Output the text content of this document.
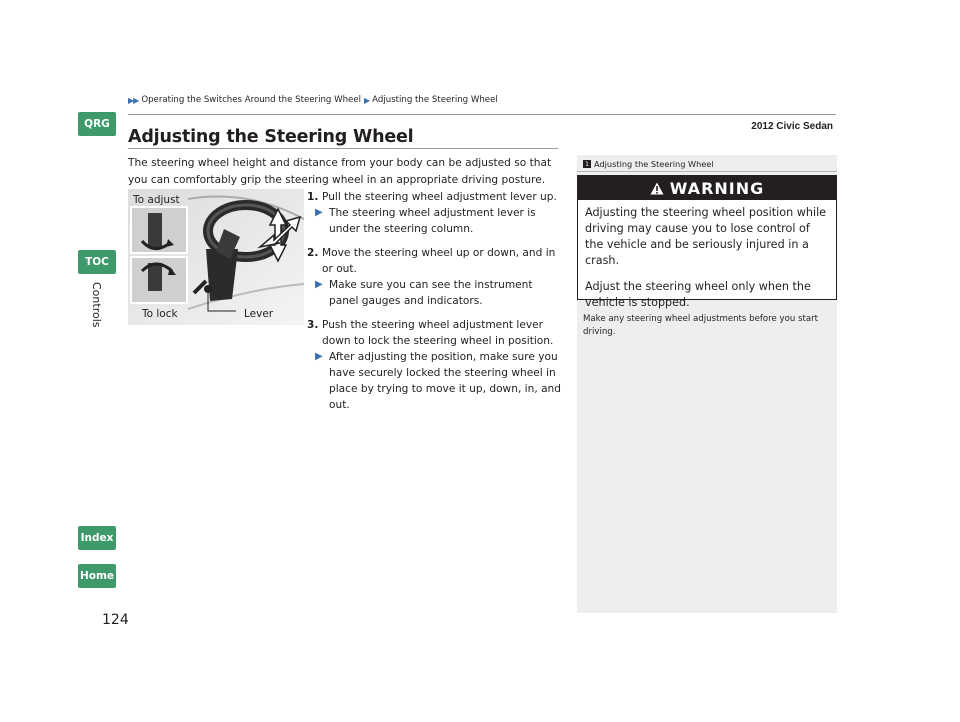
QRG
TOC
Controls
Index
Home
124
▶▶ Operating the Switches Around the Steering Wheel ▶ Adjusting the Steering Wheel
2012 Civic Sedan
Adjusting the Steering Wheel

The steering wheel height and distance from your body can be adjusted so that you can comfortably grip the steering wheel in an appropriate driving posture.

To adjust
To lock	Lever
1. Pull the steering wheel adjustment lever up.
▶ The steering wheel adjustment lever is under the steering column.
2. Move the steering wheel up or down, and in or out.
▶ Make sure you can see the instrument panel gauges and indicators.
3. Push the steering wheel adjustment lever down to lock the steering wheel in position.
▶ After adjusting the position, make sure you have securely locked the steering wheel in place by trying to move it up, down, in, and out.
1 Adjusting the Steering Wheel
WARNING

Adjusting the steering wheel position while driving may cause you to lose control of the vehicle and be seriously injured in a crash.

Adjust the steering wheel only when the vehicle is stopped.

Make any steering wheel adjustments before you start driving.
